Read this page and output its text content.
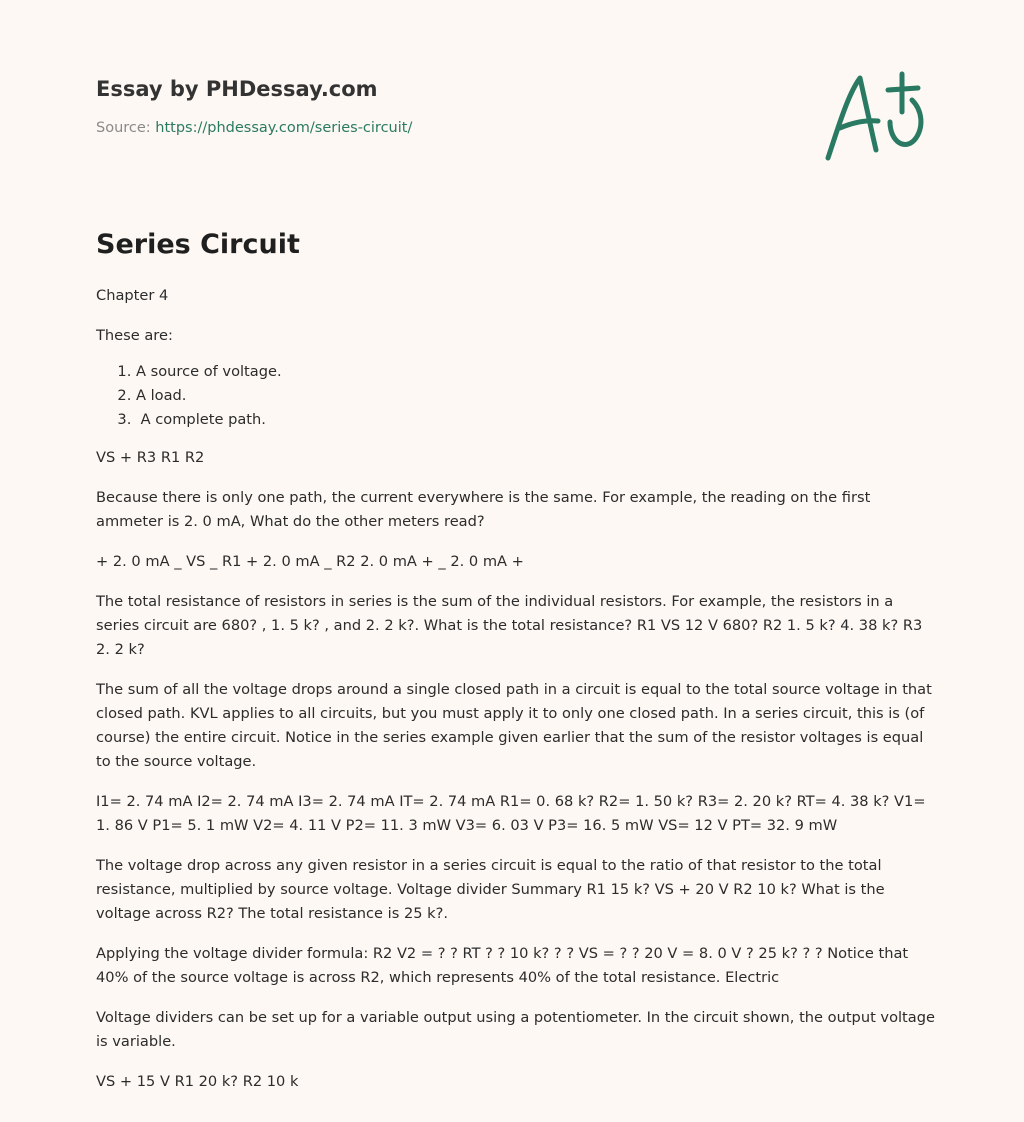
Essay by PHDessay.com
Source: https://phdessay.com/series-circuit/
Series Circuit

Chapter 4

These are:

1. A source of voltage.
2. A load.
3.  A complete path.

VS + R3 R1 R2

Because there is only one path, the current everywhere is the same. For example, the reading on the first ammeter is 2. 0 mA, What do the other meters read?

+ 2. 0 mA _ VS _ R1 + 2. 0 mA _ R2 2. 0 mA + _ 2. 0 mA +

The total resistance of resistors in series is the sum of the individual resistors. For example, the resistors in a series circuit are 680? , 1. 5 k? , and 2. 2 k?. What is the total resistance? R1 VS 12 V 680? R2 1. 5 k? 4. 38 k? R3 2. 2 k?

The sum of all the voltage drops around a single closed path in a circuit is equal to the total source voltage in that closed path. KVL applies to all circuits, but you must apply it to only one closed path. In a series circuit, this is (of course) the entire circuit. Notice in the series example given earlier that the sum of the resistor voltages is equal to the source voltage.

I1= 2. 74 mA I2= 2. 74 mA I3= 2. 74 mA IT= 2. 74 mA R1= 0. 68 k? R2= 1. 50 k? R3= 2. 20 k? RT= 4. 38 k? V1= 1. 86 V P1= 5. 1 mW V2= 4. 11 V P2= 11. 3 mW V3= 6. 03 V P3= 16. 5 mW VS= 12 V PT= 32. 9 mW

The voltage drop across any given resistor in a series circuit is equal to the ratio of that resistor to the total resistance, multiplied by source voltage. Voltage divider Summary R1 15 k? VS + 20 V R2 10 k? What is the voltage across R2? The total resistance is 25 k?.

Applying the voltage divider formula: R2 V2 = ? ? RT ? ? 10 k? ? ? VS = ? ? 20 V = 8. 0 V ? 25 k? ? ? Notice that 40% of the source voltage is across R2, which represents 40% of the total resistance. Electric

Voltage dividers can be set up for a variable output using a potentiometer. In the circuit shown, the output voltage is variable.

VS + 15 V R1 20 k? R2 10 k
